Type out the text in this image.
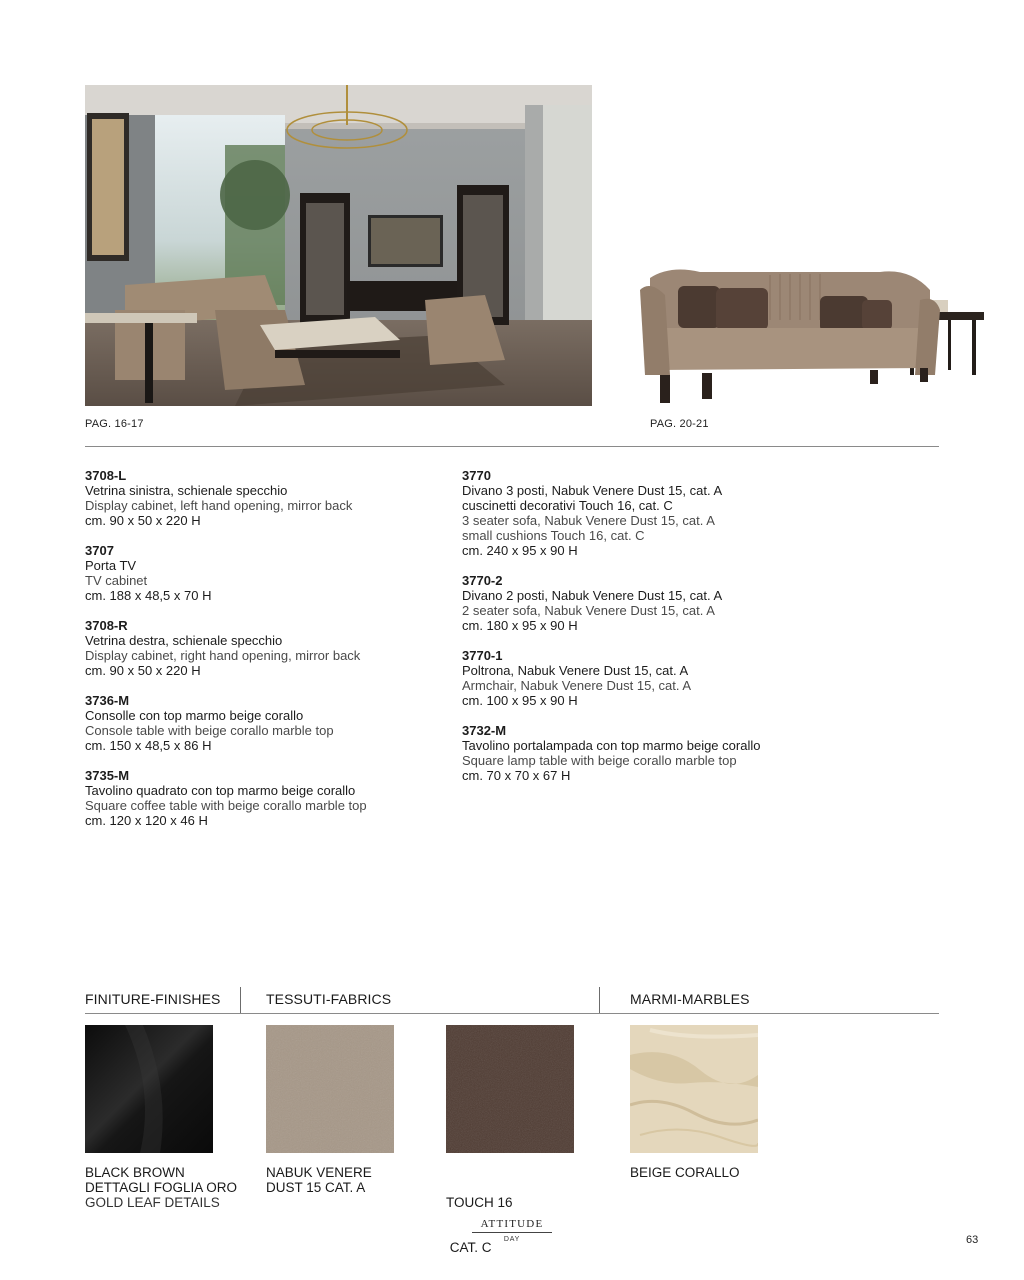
PAG. 16-17	PAG. 20-21
3708-L
Vetrina sinistra, schienale specchio
Display cabinet, left hand opening, mirror back
cm. 90 x 50 x 220 H
3707
Porta TV
TV cabinet
cm. 188 x 48,5 x 70 H
3708-R
Vetrina destra, schienale specchio
Display cabinet, right hand opening, mirror back
cm. 90 x 50 x 220 H
3736-M
Consolle con top marmo beige corallo
Console table with beige corallo marble top
cm. 150 x 48,5 x 86 H
3735-M
Tavolino quadrato con top marmo beige corallo
Square coffee table with beige corallo marble top
cm. 120 x 120 x 46 H
3770
Divano 3 posti, Nabuk Venere Dust 15, cat. A
cuscinetti decorativi Touch 16, cat. C
3 seater sofa, Nabuk Venere Dust 15, cat. A
small cushions Touch 16, cat. C
cm. 240 x 95 x 90 H
3770-2
Divano 2 posti, Nabuk Venere Dust 15, cat. A
2 seater sofa, Nabuk Venere Dust 15, cat. A
cm. 180 x 95 x 90 H
3770-1
Poltrona, Nabuk Venere Dust 15, cat. A
Armchair, Nabuk Venere Dust 15, cat. A
cm. 100 x 95 x 90 H
3732-M
Tavolino portalampada con top marmo beige corallo
Square lamp table with beige corallo marble top
cm. 70 x 70 x 67 H
FINITURE-FINISHES	TESSUTI-FABRICS	MARMI-MARBLES
BLACK BROWN
DETTAGLI FOGLIA ORO
GOLD LEAF DETAILS
NABUK VENERE
DUST 15 CAT. A

TOUCH 16

CAT. C

BEIGE CORALLO
ATTITUDE
DAY	63
